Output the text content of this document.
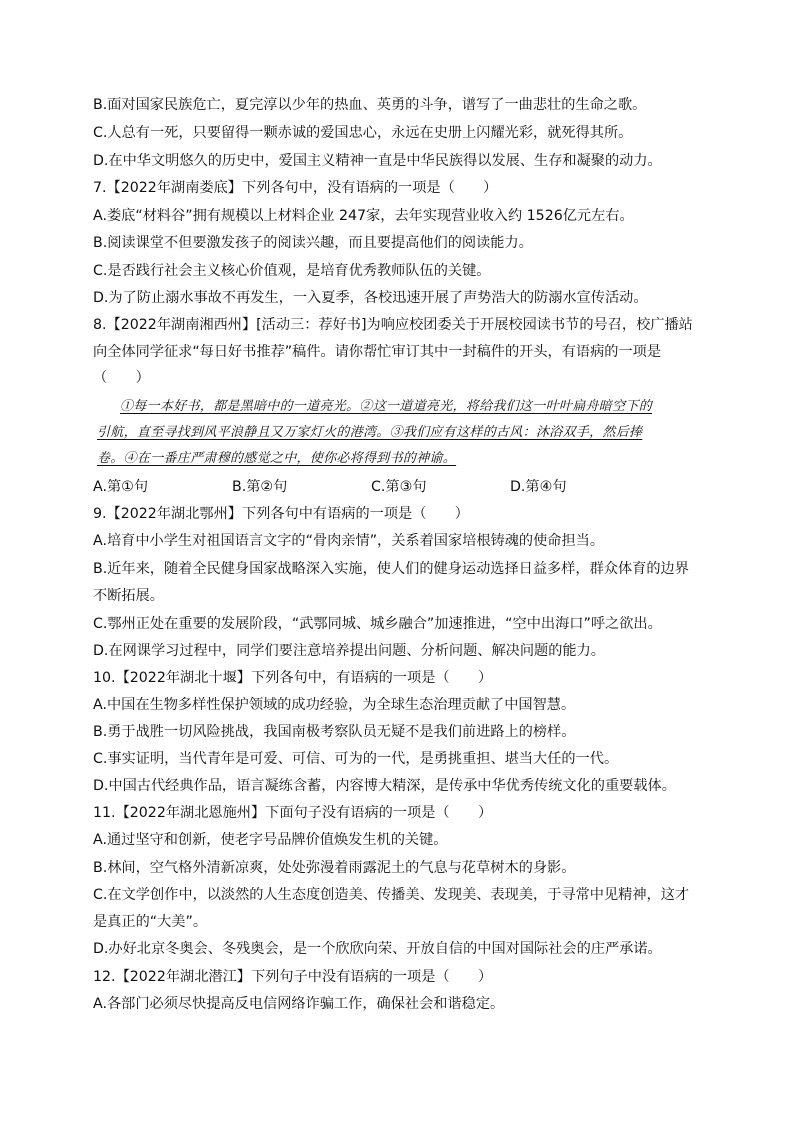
B.面对国家民族危亡，夏完淳以少年的热血、英勇的斗争，谱写了一曲悲壮的生命之歌。
C.人总有一死，只要留得一颗赤诚的爱国忠心，永远在史册上闪耀光彩，就死得其所。
D.在中华文明悠久的历史中，爱国主义精神一直是中华民族得以发展、生存和凝聚的动力。
7.【2022年湖南娄底】下列各句中，没有语病的一项是（　　）
A.娄底“材料谷”拥有规模以上材料企业 247家，去年实现营业收入约 1526亿元左右。
B.阅读课堂不但要激发孩子的阅读兴趣，而且要提高他们的阅读能力。
C.是否践行社会主义核心价值观，是培育优秀教师队伍的关键。
D.为了防止溺水事故不再发生，一入夏季，各校迅速开展了声势浩大的防溺水宣传活动。
8.【2022年湖南湘西州】[活动三：荐好书]为响应校团委关于开展校园读书节的号召，校广播站
向全体同学征求“每日好书推荐”稿件。请你帮忙审订其中一封稿件的开头，有语病的一项是
（　　）
①每一本好书，都是黑暗中的一道亮光。②这一道道亮光，将给我们这一叶叶扁舟暗空下的
引航，直至寻找到风平浪静且又万家灯火的港湾。③我们应有这样的古风：沐浴双手，然后捧
卷。④在一番庄严肃穆的感觉之中，使你必将得到书的神谕。
A.第①句	B.第②句	C.第③句	D.第④句
9.【2022年湖北鄂州】下列各句中有语病的一项是（　　）
A.培育中小学生对祖国语言文字的“骨肉亲情”，关系着国家培根铸魂的使命担当。
B.近年来，随着全民健身国家战略深入实施，使人们的健身运动选择日益多样，群众体育的边界
不断拓展。
C.鄂州正处在重要的发展阶段，“武鄂同城、城乡融合”加速推进，“空中出海口”呼之欲出。
D.在网课学习过程中，同学们要注意培养提出问题、分析问题、解决问题的能力。
10.【2022年湖北十堰】下列各句中，有语病的一项是（　　）
A.中国在生物多样性保护领域的成功经验，为全球生态治理贡献了中国智慧。
B.勇于战胜一切风险挑战，我国南极考察队员无疑不是我们前进路上的榜样。
C.事实证明，当代青年是可爱、可信、可为的一代，是勇挑重担、堪当大任的一代。
D.中国古代经典作品，语言凝练含蓄，内容博大精深，是传承中华优秀传统文化的重要载体。
11.【2022年湖北恩施州】下面句子没有语病的一项是（　　）
A.通过坚守和创新，使老字号品牌价值焕发生机的关键。
B.林间，空气格外清新凉爽，处处弥漫着雨露泥土的气息与花草树木的身影。
C.在文学创作中，以淡然的人生态度创造美、传播美、发现美、表现美，于寻常中见精神，这才
是真正的“大美”。
D.办好北京冬奥会、冬残奥会，是一个欣欣向荣、开放自信的中国对国际社会的庄严承诺。
12.【2022年湖北潜江】下列句子中没有语病的一项是（　　）
A.各部门必须尽快提高反电信网络诈骗工作，确保社会和谐稳定。
